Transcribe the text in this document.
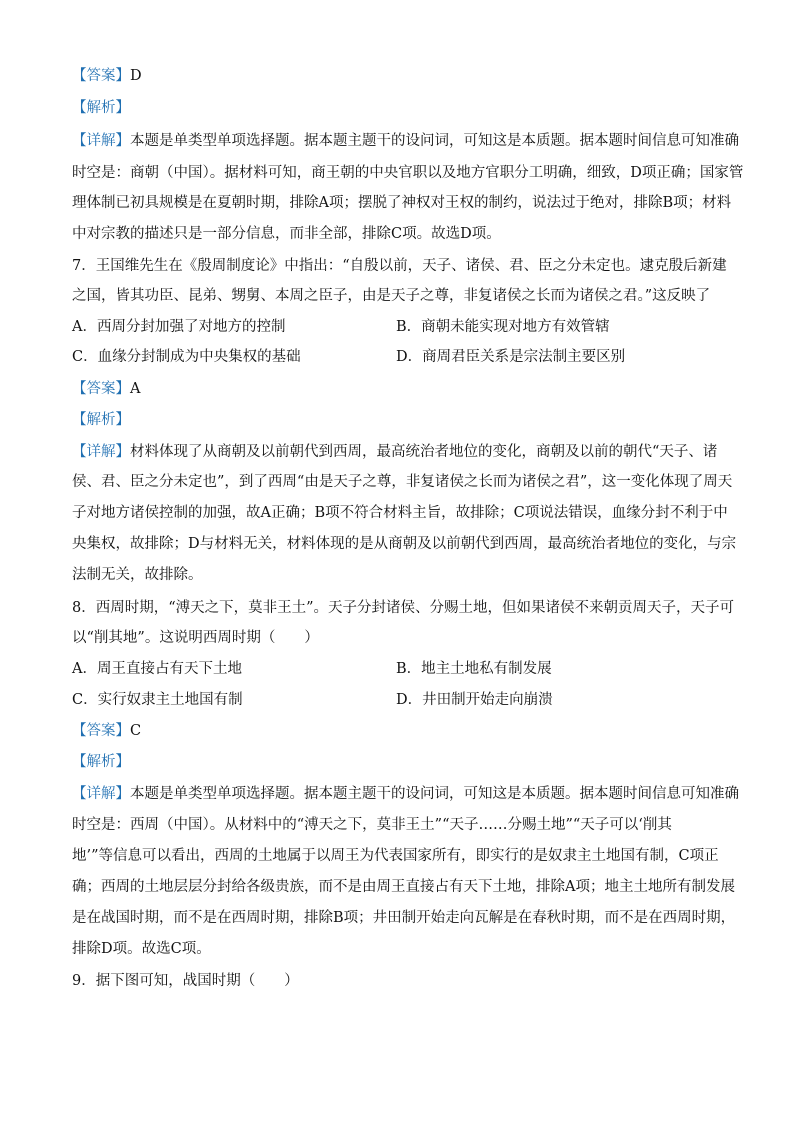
【答案】D
【解析】
【详解】本题是单类型单项选择题。据本题主题干的设问词，可知这是本质题。据本题时间信息可知准确
时空是：商朝（中国）。据材料可知，商王朝的中央官职以及地方官职分工明确，细致，D项正确；国家管
理体制已初具规模是在夏朝时期，排除A项；摆脱了神权对王权的制约，说法过于绝对，排除B项；材料
中对宗教的描述只是一部分信息，而非全部，排除C项。故选D项。
7．王国维先生在《殷周制度论》中指出：“自殷以前，天子、诸侯、君、臣之分未定也。逮克殷后新建
之国，皆其功臣、昆弟、甥舅、本周之臣子，由是天子之尊，非复诸侯之长而为诸侯之君。”这反映了
A．西周分封加强了对地方的控制	B．商朝未能实现对地方有效管辖
C．血缘分封制成为中央集权的基础	D．商周君臣关系是宗法制主要区别
【答案】A
【解析】
【详解】材料体现了从商朝及以前朝代到西周，最高统治者地位的变化，商朝及以前的朝代“天子、诸
侯、君、臣之分未定也”，到了西周“由是天子之尊，非复诸侯之长而为诸侯之君”，这一变化体现了周天
子对地方诸侯控制的加强，故A正确；B项不符合材料主旨，故排除；C项说法错误，血缘分封不利于中
央集权，故排除；D与材料无关，材料体现的是从商朝及以前朝代到西周，最高统治者地位的变化，与宗
法制无关，故排除。
8．西周时期，“溥天之下，莫非王土”。天子分封诸侯、分赐土地，但如果诸侯不来朝贡周天子，天子可
以“削其地”。这说明西周时期（　　）
A．周王直接占有天下土地	B．地主土地私有制发展
C．实行奴隶主土地国有制	D．井田制开始走向崩溃
【答案】C
【解析】
【详解】本题是单类型单项选择题。据本题主题干的设问词，可知这是本质题。据本题时间信息可知准确
时空是：西周（中国）。从材料中的“溥天之下，莫非王土”“天子……分赐土地”“天子可以‘削其
地’”等信息可以看出，西周的土地属于以周王为代表国家所有，即实行的是奴隶主土地国有制，C项正
确；西周的土地层层分封给各级贵族，而不是由周王直接占有天下土地，排除A项；地主土地所有制发展
是在战国时期，而不是在西周时期，排除B项；井田制开始走向瓦解是在春秋时期，而不是在西周时期，
排除D项。故选C项。
9．据下图可知，战国时期（　　）
